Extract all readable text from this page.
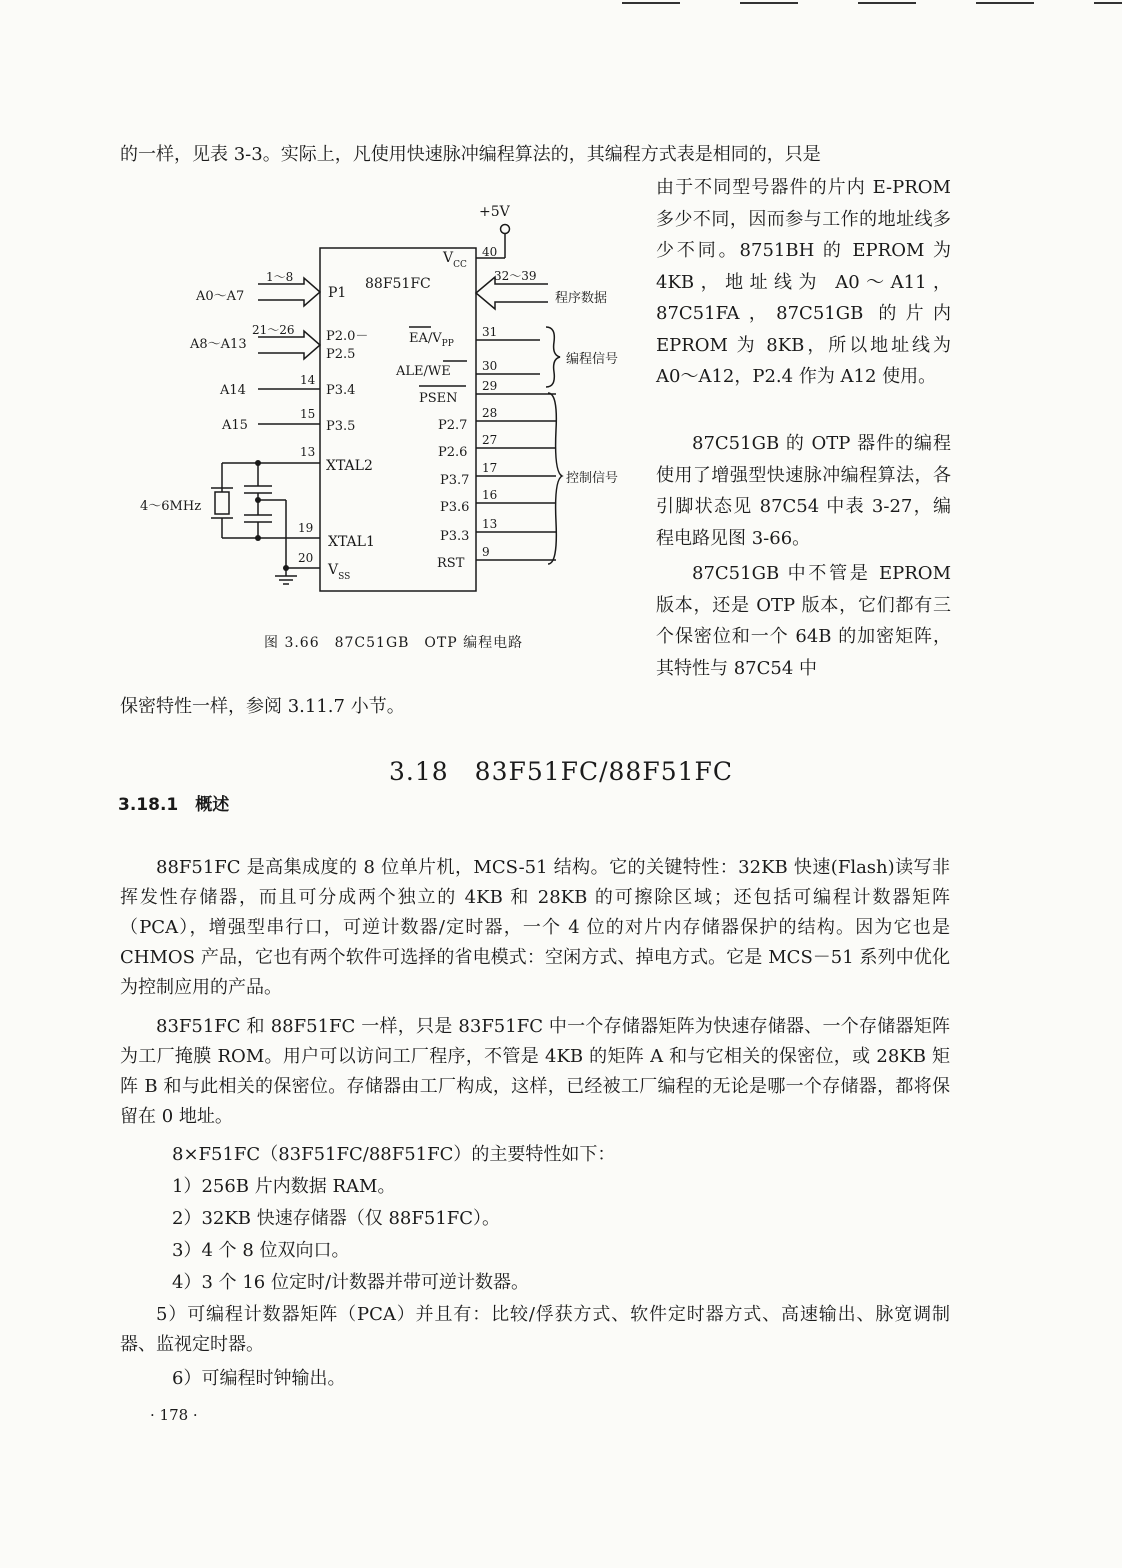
的一样，见表 3-3。实际上，凡使用快速脉冲编程算法的，其编程方式表是相同的，只是

由于不同型号器件的片内 E-PROM 多少不同，因而参与工作的地址线多少不同。8751BH 的 EPROM 为 4KB，地址线为 A0～A11，87C51FA，87C51GB 的片内 EPROM 为 8KB，所以地址线为 A0～A12，P2.4 作为 A12 使用。

87C51GB 的 OTP 器件的编程使用了增强型快速脉冲编程算法，各引脚状态见 87C54 中表 3-27，编程电路见图 3-66。

87C51GB 中不管是 EPROM 版本，还是 OTP 版本，它们都有三个保密位和一个 64B 的加密矩阵，其特性与 87C54 中

+5V
$V_{CC}$
40
88F51FC	32～39
程序数据
1～8
A0～A7	P1
21～26
A8～A13
P2.0－
P2.5
A14
14
P3.4
A15
15
P3.5
13
XTAL2
4～6MHz
19
XTAL1
20
$V_{SS}$
$EA/V_{PP}$
31
ALE/WE	30	编程信号
PSEN
29
P2.7
28
P2.6
27
P3.7
17
P3.6
16
P3.3
13
RST
9
控制信号
图 3.66　87C51GB　OTP 编程电路
保密特性一样，参阅 3.11.7 小节。
3.18　83F51FC/88F51FC
3.18.1　概述

88F51FC 是高集成度的 8 位单片机，MCS-51 结构。它的关键特性：32KB 快速(Flash)读写非挥发性存储器，而且可分成两个独立的 4KB 和 28KB 的可擦除区域；还包括可编程计数器矩阵（PCA），增强型串行口，可逆计数器/定时器，一个 4 位的对片内存储器保护的结构。因为它也是 CHMOS 产品，它也有两个软件可选择的省电模式：空闲方式、掉电方式。它是 MCS－51 系列中优化为控制应用的产品。

83F51FC 和 88F51FC 一样，只是 83F51FC 中一个存储器矩阵为快速存储器、一个存储器矩阵为工厂掩膜 ROM。用户可以访问工厂程序，不管是 4KB 的矩阵 A 和与它相关的保密位，或 28KB 矩阵 B 和与此相关的保密位。存储器由工厂构成，这样，已经被工厂编程的无论是哪一个存储器，都将保留在 0 地址。

8×F51FC（83F51FC/88F51FC）的主要特性如下：
1）256B 片内数据 RAM。
2）32KB 快速存储器（仅 88F51FC）。
3）4 个 8 位双向口。
4）3 个 16 位定时/计数器并带可逆计数器。

5）可编程计数器矩阵（PCA）并且有：比较/俘获方式、软件定时器方式、高速输出、脉宽调制器、监视定时器。

6）可编程时钟输出。
· 178 ·
